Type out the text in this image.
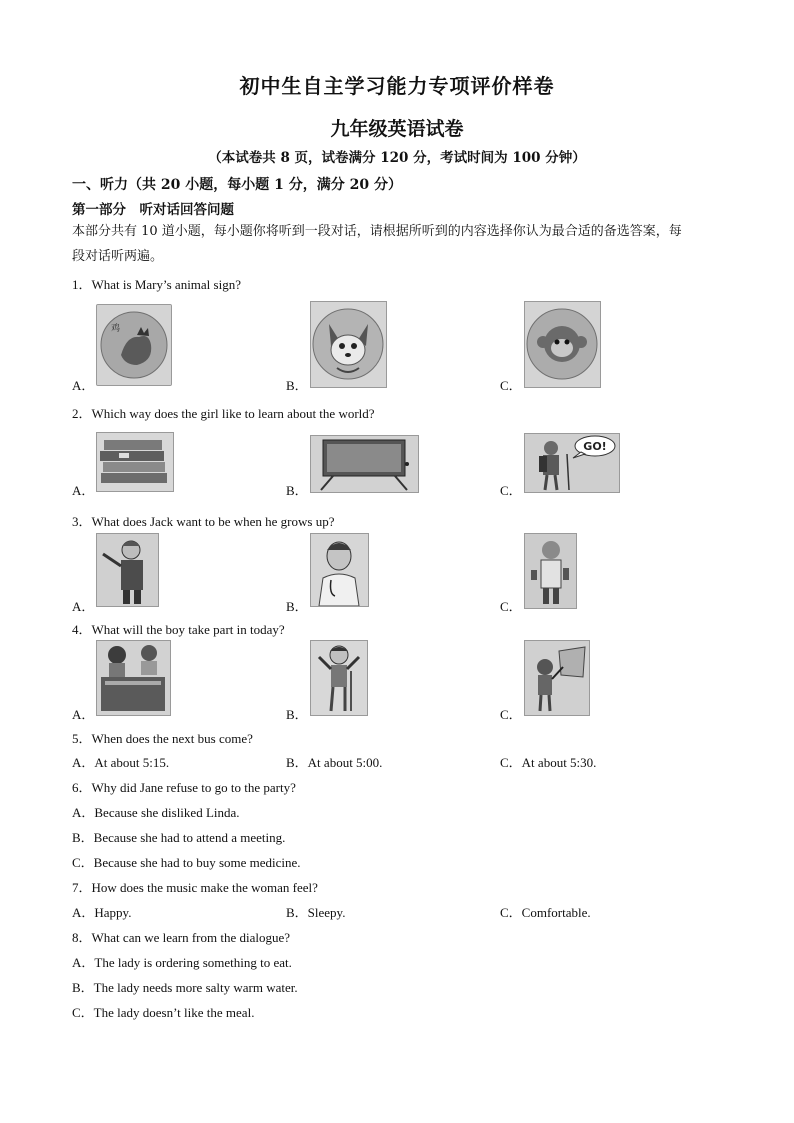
初中生自主学习能力专项评价样卷
九年级英语试卷
（本试卷共 8 页，试卷满分 120 分，考试时间为 100 分钟）
一、听力（共 20 小题，每小题 1 分，满分 20 分）
第一部分　听对话回答问题
本部分共有 10 道小题，每小题你将听到一段对话，请根据所听到的内容选择你认为最合适的备选答案，每
段对话听两遍。
1．What is Mary’s animal sign?
A．
鸡
B．	C．
2．Which way does the girl like to learn about the world?
A．	B．	C．
GO!
3．What does Jack want to be when he grows up?
A．	B．	C．
4．What will the boy take part in today?
A．	B．	C．
5．When does the next bus come?
A．At about 5:15.	B．At about 5:00.	C．At about 5:30.
6．Why did Jane refuse to go to the party?
A．Because she disliked Linda.
B．Because she had to attend a meeting.
C．Because she had to buy some medicine.
7．How does the music make the woman feel?
A．Happy.	B．Sleepy.	C．Comfortable.
8．What can we learn from the dialogue?
A．The lady is ordering something to eat.
B．The lady needs more salty warm water.
C．The lady doesn’t like the meal.
